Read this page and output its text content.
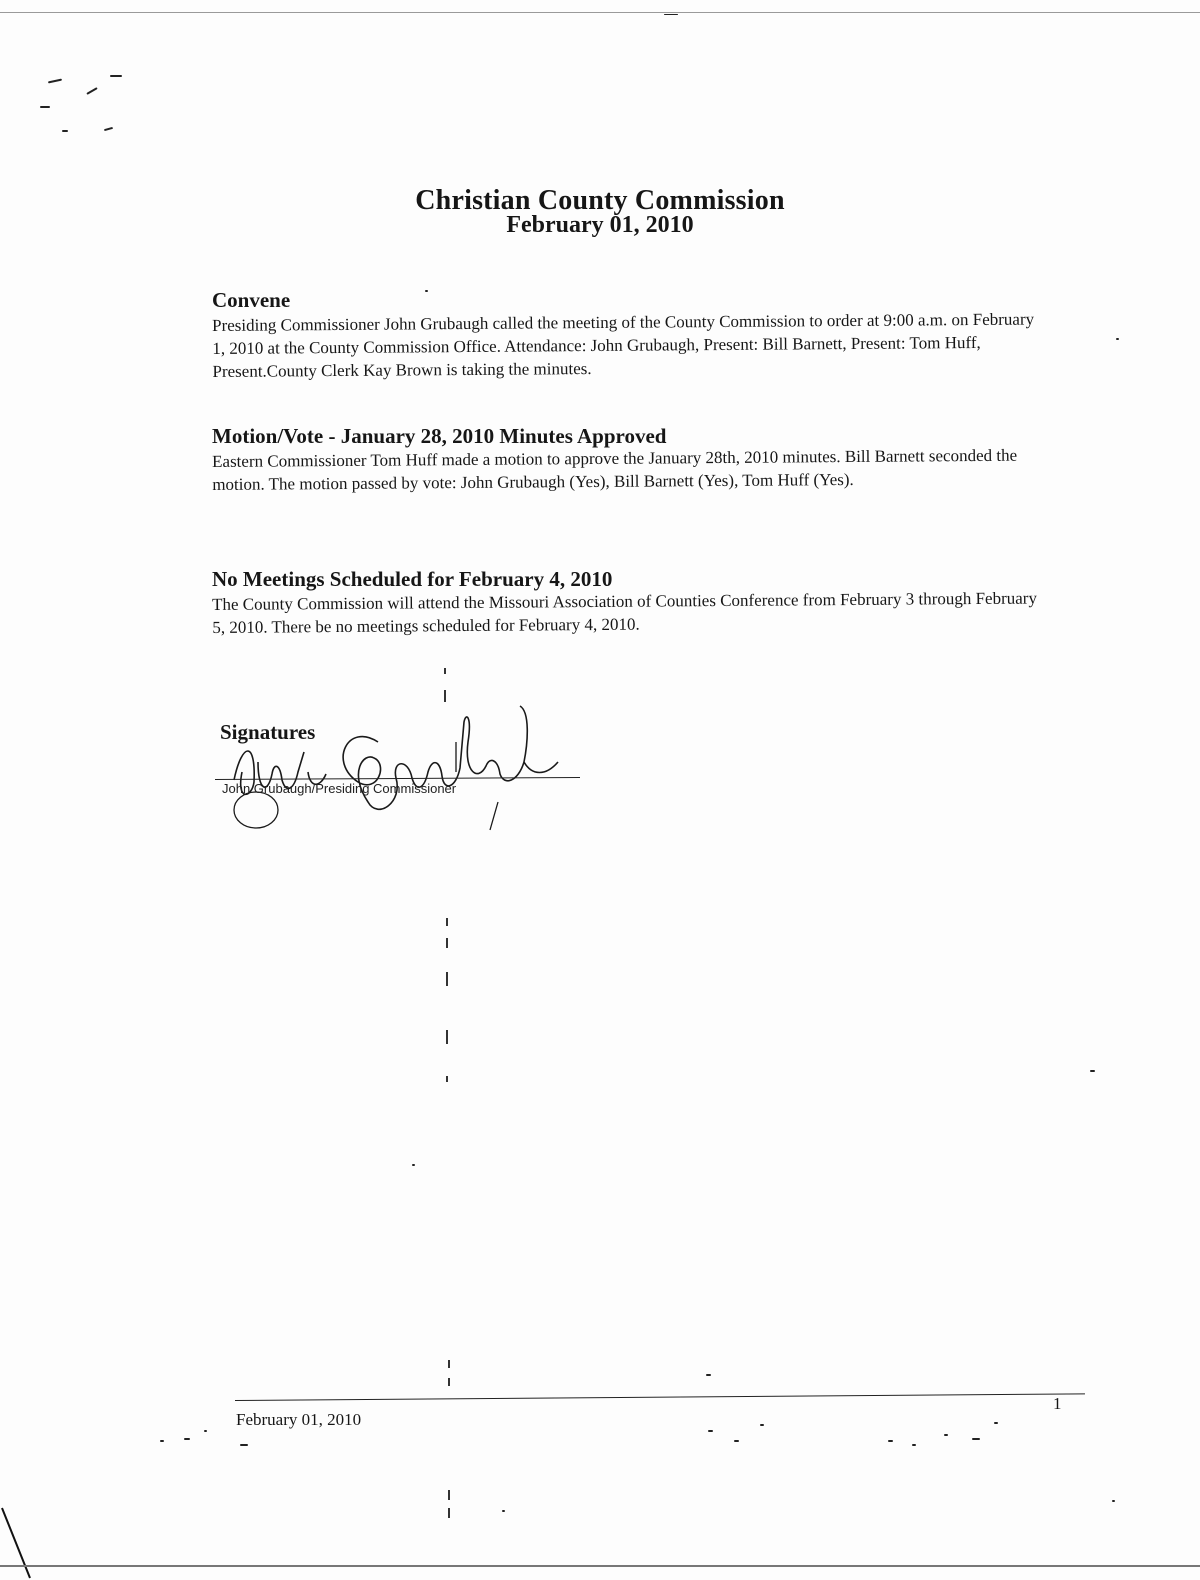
Christian County Commission
February 01, 2010
Convene

Presiding Commissioner John Grubaugh called the meeting of the County Commission to order at 9:00 a.m. on February 1, 2010 at the County Commission Office. Attendance: John Grubaugh, Present: Bill Barnett, Present: Tom Huff, Present.County Clerk Kay Brown is taking the minutes.

Motion/Vote - January 28, 2010 Minutes Approved

Eastern Commissioner Tom Huff made a motion to approve the January 28th, 2010 minutes. Bill Barnett seconded the motion. The motion passed by vote: John Grubaugh (Yes), Bill Barnett (Yes), Tom Huff (Yes).

No Meetings Scheduled for February 4, 2010

The County Commission will attend the Missouri Association of Counties Conference from February 3 through February 5, 2010. There be no meetings scheduled for February 4, 2010.

Signatures
John Grubaugh/Presiding Commissioner
1
February 01, 2010
